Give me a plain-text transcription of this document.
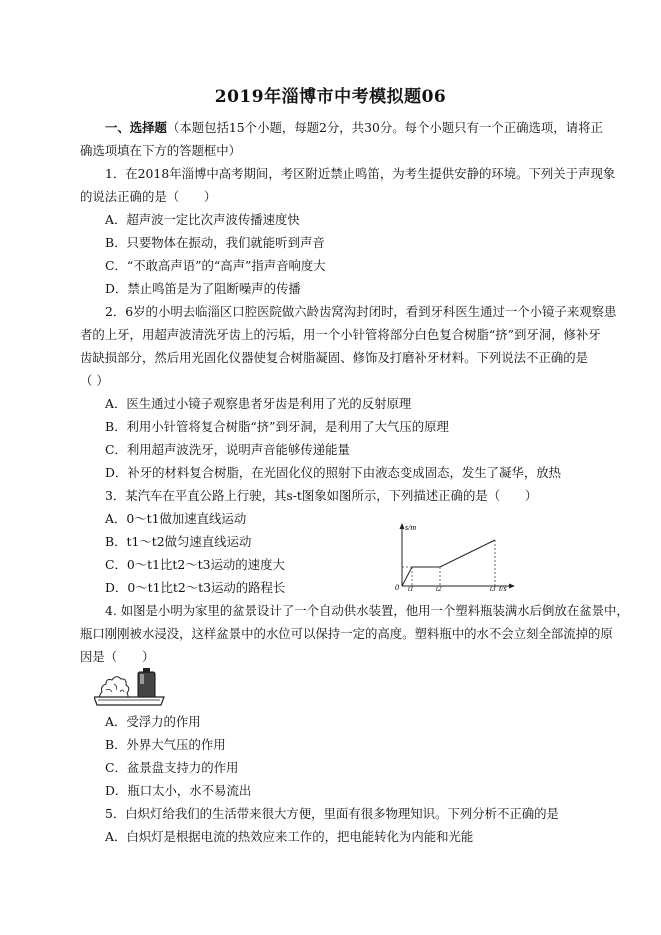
2019年淄博市中考模拟题06
一、选择题（本题包括15个小题，每题2分，共30分。每个小题只有一个正确选项，请将正
确选项填在下方的答题框中）
1．在2018年淄博中高考期间，考区附近禁止鸣笛，为考生提供安静的环境。下列关于声现象
的说法正确的是（　　）
A．超声波一定比次声波传播速度快
B．只要物体在振动，我们就能听到声音
C．“不敢高声语”的“高声”指声音响度大
D．禁止鸣笛是为了阻断噪声的传播
2．6岁的小明去临淄区口腔医院做六龄齿窝沟封闭时，看到牙科医生通过一个小镜子来观察患
者的上牙，用超声波清洗牙齿上的污垢，用一个小针管将部分白色复合树脂“挤”到牙洞，修补牙
齿缺损部分，然后用光固化仪器使复合树脂凝固、修饰及打磨补牙材料。下列说法不正确的是
（ ）
A．医生通过小镜子观察患者牙齿是利用了光的反射原理
B．利用小针管将复合树脂“挤”到牙洞，是利用了大气压的原理
C．利用超声波洗牙，说明声音能够传递能量
D．补牙的材料复合树脂，在光固化仪的照射下由液态变成固态，发生了凝华，放热
3．某汽车在平直公路上行驶，其s-t图象如图所示，下列描述正确的是（　　）
A．0～t1做加速直线运动
B．t1～t2做匀速直线运动
C．0～t1比t2～t3运动的速度大
D．0～t1比t2～t3运动的路程长
s/m
t/s
0 t1	t2	t3
4. 如图是小明为家里的盆景设计了一个自动供水装置，他用一个塑料瓶装满水后倒放在盆景中，
瓶口刚刚被水浸没，这样盆景中的水位可以保持一定的高度。塑料瓶中的水不会立刻全部流掉的原
因是（　　）
A．受浮力的作用
B．外界大气压的作用
C．盆景盘支持力的作用
D．瓶口太小，水不易流出
5．白炽灯给我们的生活带来很大方便，里面有很多物理知识。下列分析不正确的是
A．白炽灯是根据电流的热效应来工作的，把电能转化为内能和光能
